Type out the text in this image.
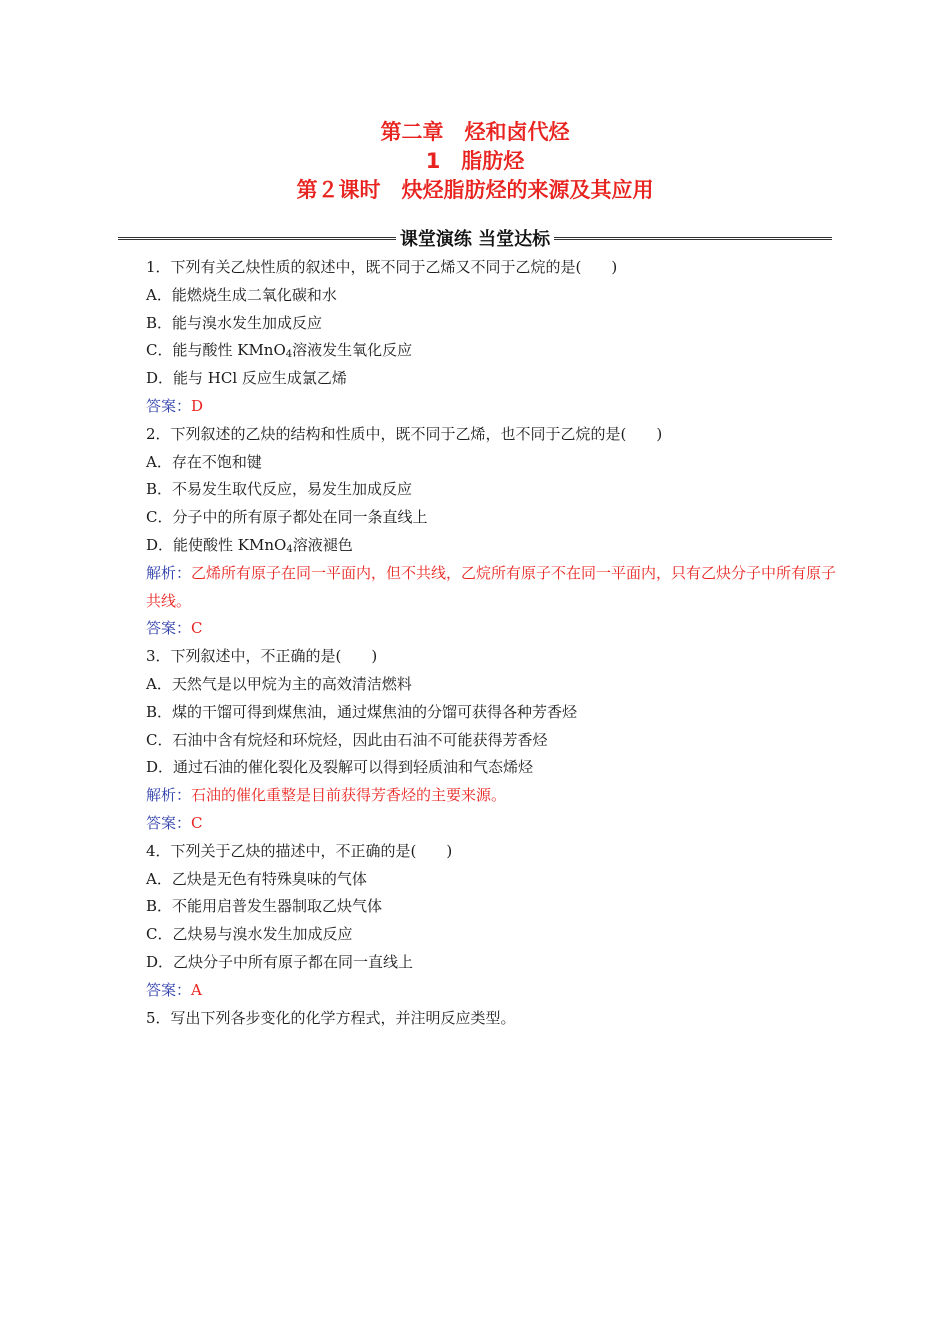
第二章　烃和卤代烃
1　脂肪烃
第２课时　炔烃脂肪烃的来源及其应用
课堂演练 当堂达标
1．下列有关乙炔性质的叙述中，既不同于乙烯又不同于乙烷的是(　　)
A．能燃烧生成二氧化碳和水
B．能与溴水发生加成反应
C．能与酸性 KMnO$_4$溶液发生氧化反应
D．能与 HCl 反应生成氯乙烯
答案：D
2．下列叙述的乙炔的结构和性质中，既不同于乙烯，也不同于乙烷的是(　　)
A．存在不饱和键
B．不易发生取代反应，易发生加成反应
C．分子中的所有原子都处在同一条直线上
D．能使酸性 KMnO$_4$溶液褪色
解析：乙烯所有原子在同一平面内，但不共线，乙烷所有原子不在同一平面内，只有乙炔分子中所有原子共线。
答案：C
3．下列叙述中，不正确的是(　　)
A．天然气是以甲烷为主的高效清洁燃料
B．煤的干馏可得到煤焦油，通过煤焦油的分馏可获得各种芳香烃
C．石油中含有烷烃和环烷烃，因此由石油不可能获得芳香烃
D．通过石油的催化裂化及裂解可以得到轻质油和气态烯烃
解析：石油的催化重整是目前获得芳香烃的主要来源。
答案：C
4．下列关于乙炔的描述中，不正确的是(　　)
A．乙炔是无色有特殊臭味的气体
B．不能用启普发生器制取乙炔气体
C．乙炔易与溴水发生加成反应
D．乙炔分子中所有原子都在同一直线上
答案：A
5．写出下列各步变化的化学方程式，并注明反应类型。
